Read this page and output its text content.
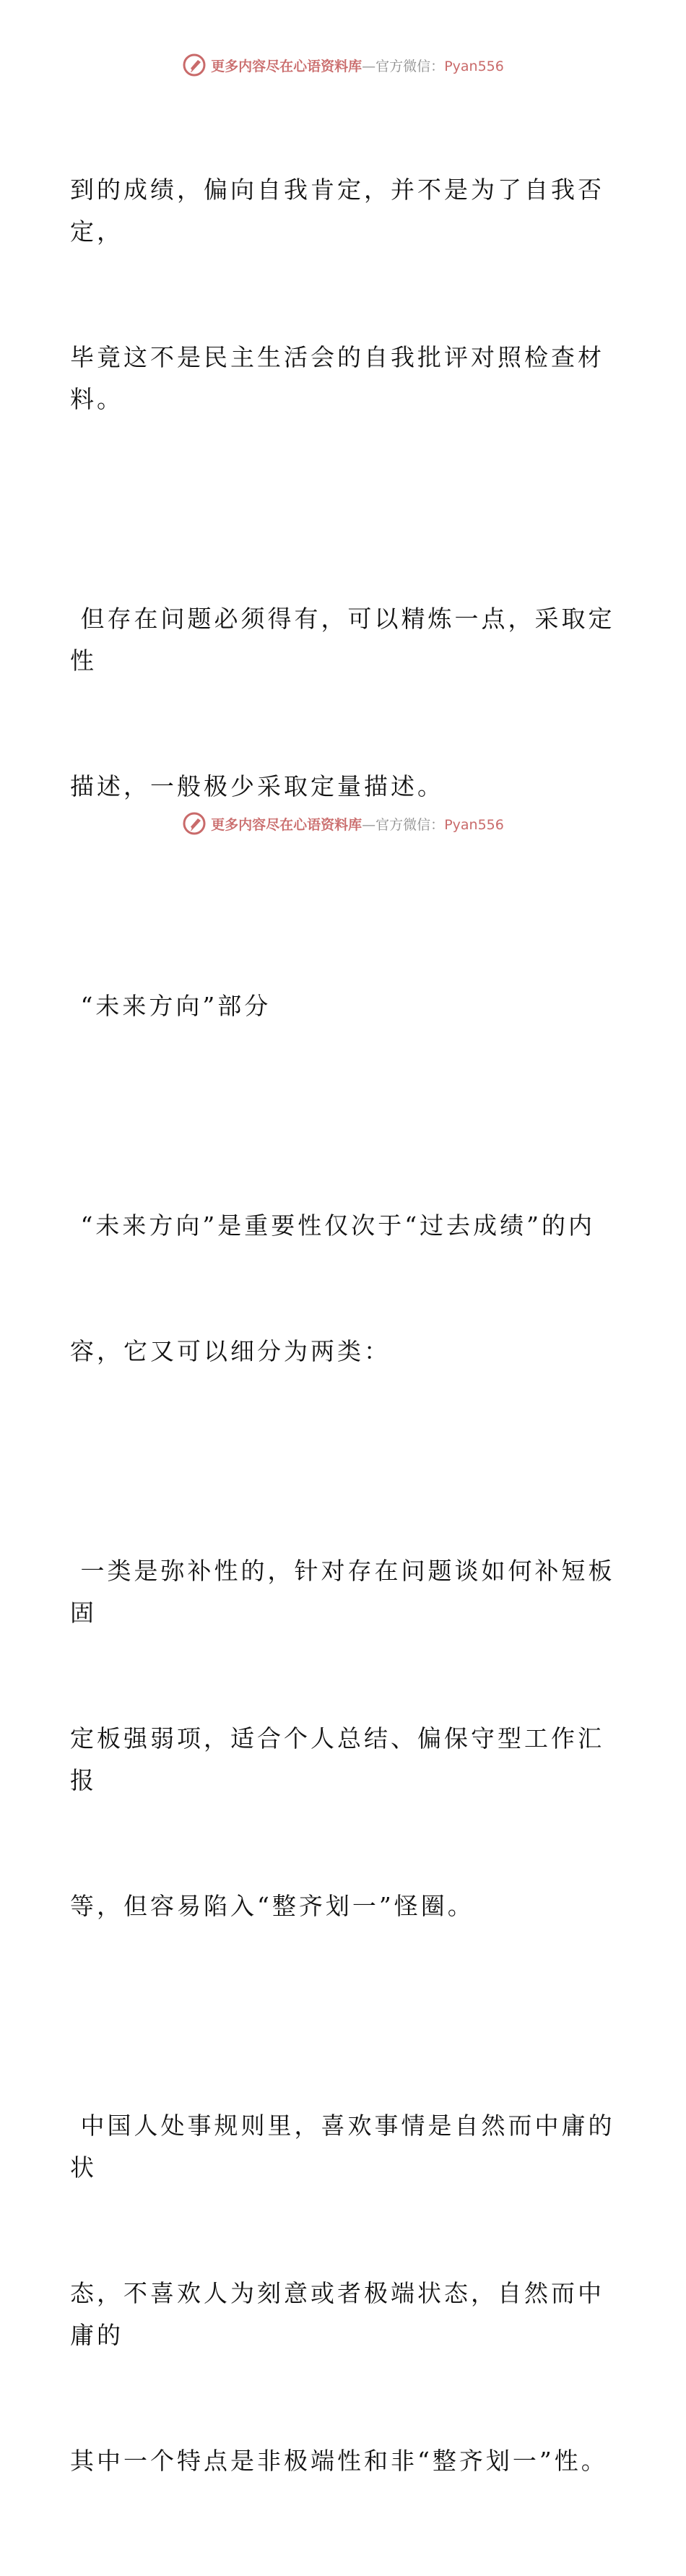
更多内容尽在心语资料库—官方微信：Pyan556

到的成绩，偏向自我肯定，并不是为了自我否定，

毕竟这不是民主生活会的自我批评对照检查材料。

但存在问题必须得有，可以精炼一点，采取定性

描述，一般极少采取定量描述。

“未来方向”部分

“未来方向”是重要性仅次于“过去成绩”的内

容，它又可以细分为两类：

一类是弥补性的，针对存在问题谈如何补短板固

定板强弱项，适合个人总结、偏保守型工作汇报

等，但容易陷入“整齐划一”怪圈。

中国人处事规则里，喜欢事情是自然而中庸的状

态，不喜欢人为刻意或者极端状态，自然而中庸的

其中一个特点是非极端性和非“整齐划一”性。

更多内容尽在心语资料库—官方微信：Pyan556
